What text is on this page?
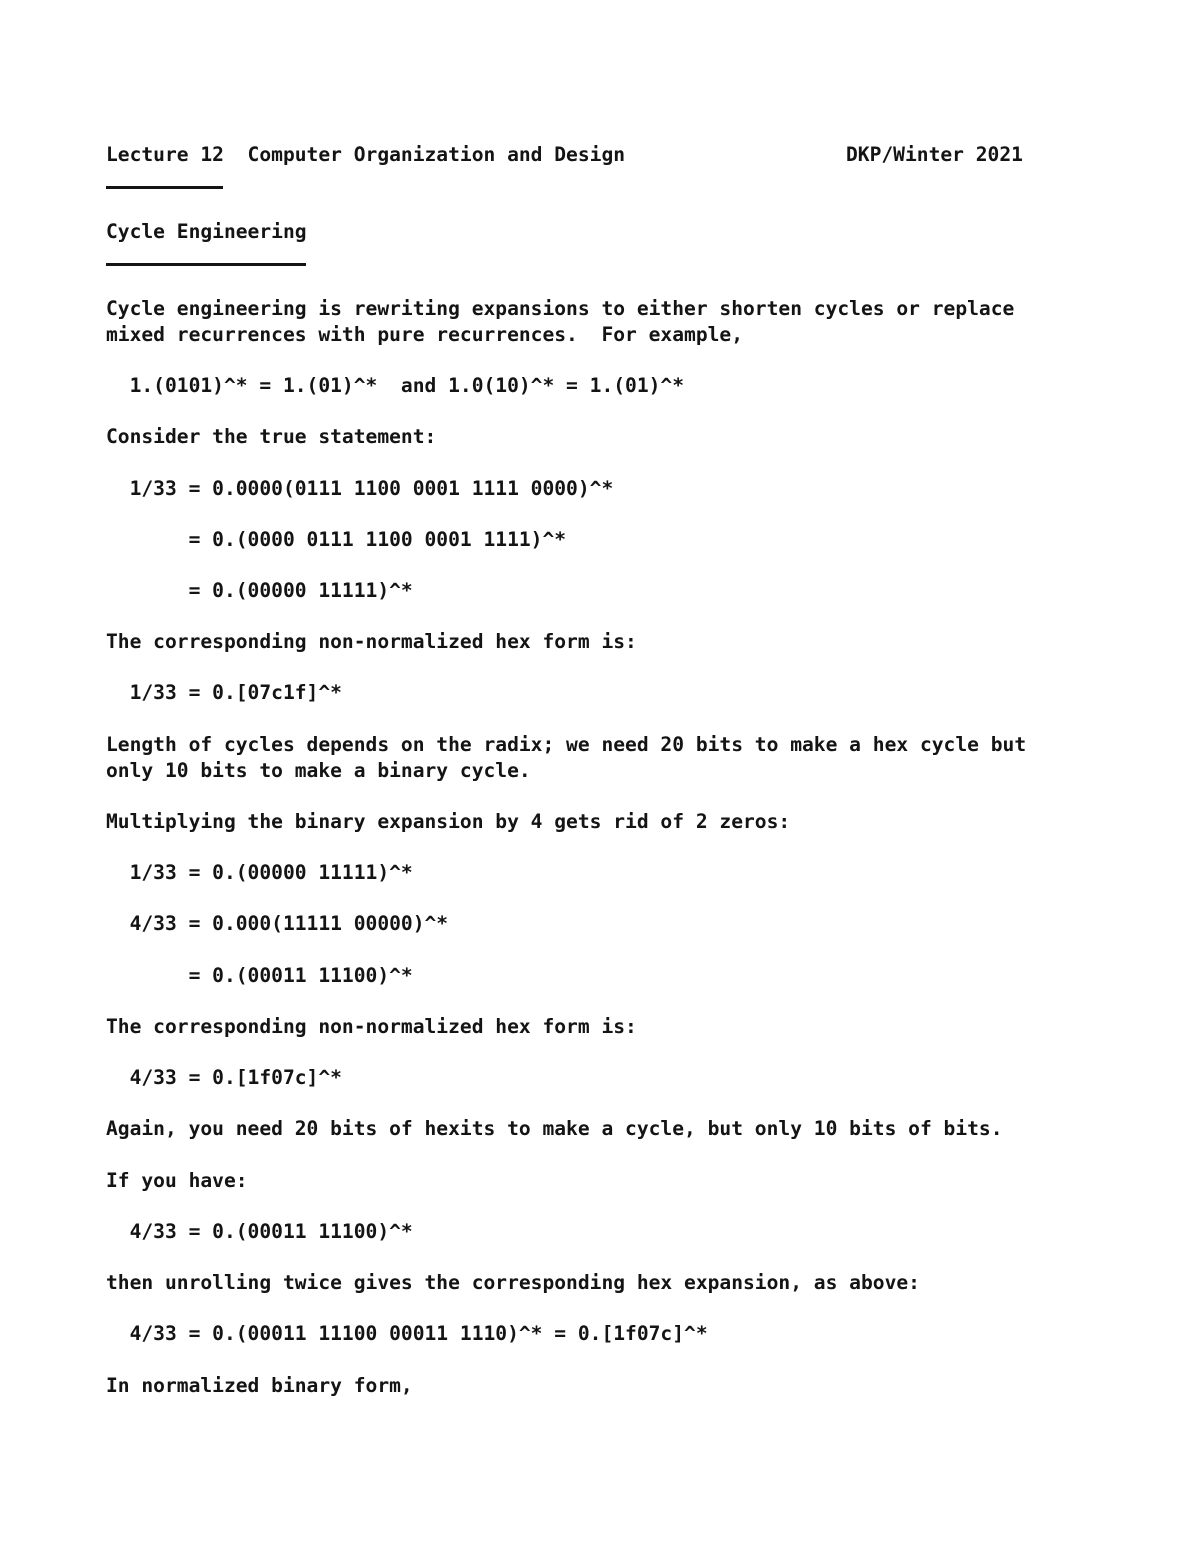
Lecture 12  Computer Organization and Design	DKP/Winter 2021
Cycle Engineering
Cycle engineering is rewriting expansions to either shorten cycles or replace
mixed recurrences with pure recurrences.  For example,
1.(0101)^* = 1.(01)^*  and 1.0(10)^* = 1.(01)^*
Consider the true statement:
1/33 = 0.0000(0111 1100 0001 1111 0000)^*
= 0.(0000 0111 1100 0001 1111)^*
= 0.(00000 11111)^*
The corresponding non-normalized hex form is:
1/33 = 0.[07c1f]^*
Length of cycles depends on the radix; we need 20 bits to make a hex cycle but
only 10 bits to make a binary cycle.
Multiplying the binary expansion by 4 gets rid of 2 zeros:
1/33 = 0.(00000 11111)^*
4/33 = 0.000(11111 00000)^*
= 0.(00011 11100)^*
The corresponding non-normalized hex form is:
4/33 = 0.[1f07c]^*
Again, you need 20 bits of hexits to make a cycle, but only 10 bits of bits.
If you have:
4/33 = 0.(00011 11100)^*
then unrolling twice gives the corresponding hex expansion, as above:
4/33 = 0.(00011 11100 00011 1110)^* = 0.[1f07c]^*
In normalized binary form,
